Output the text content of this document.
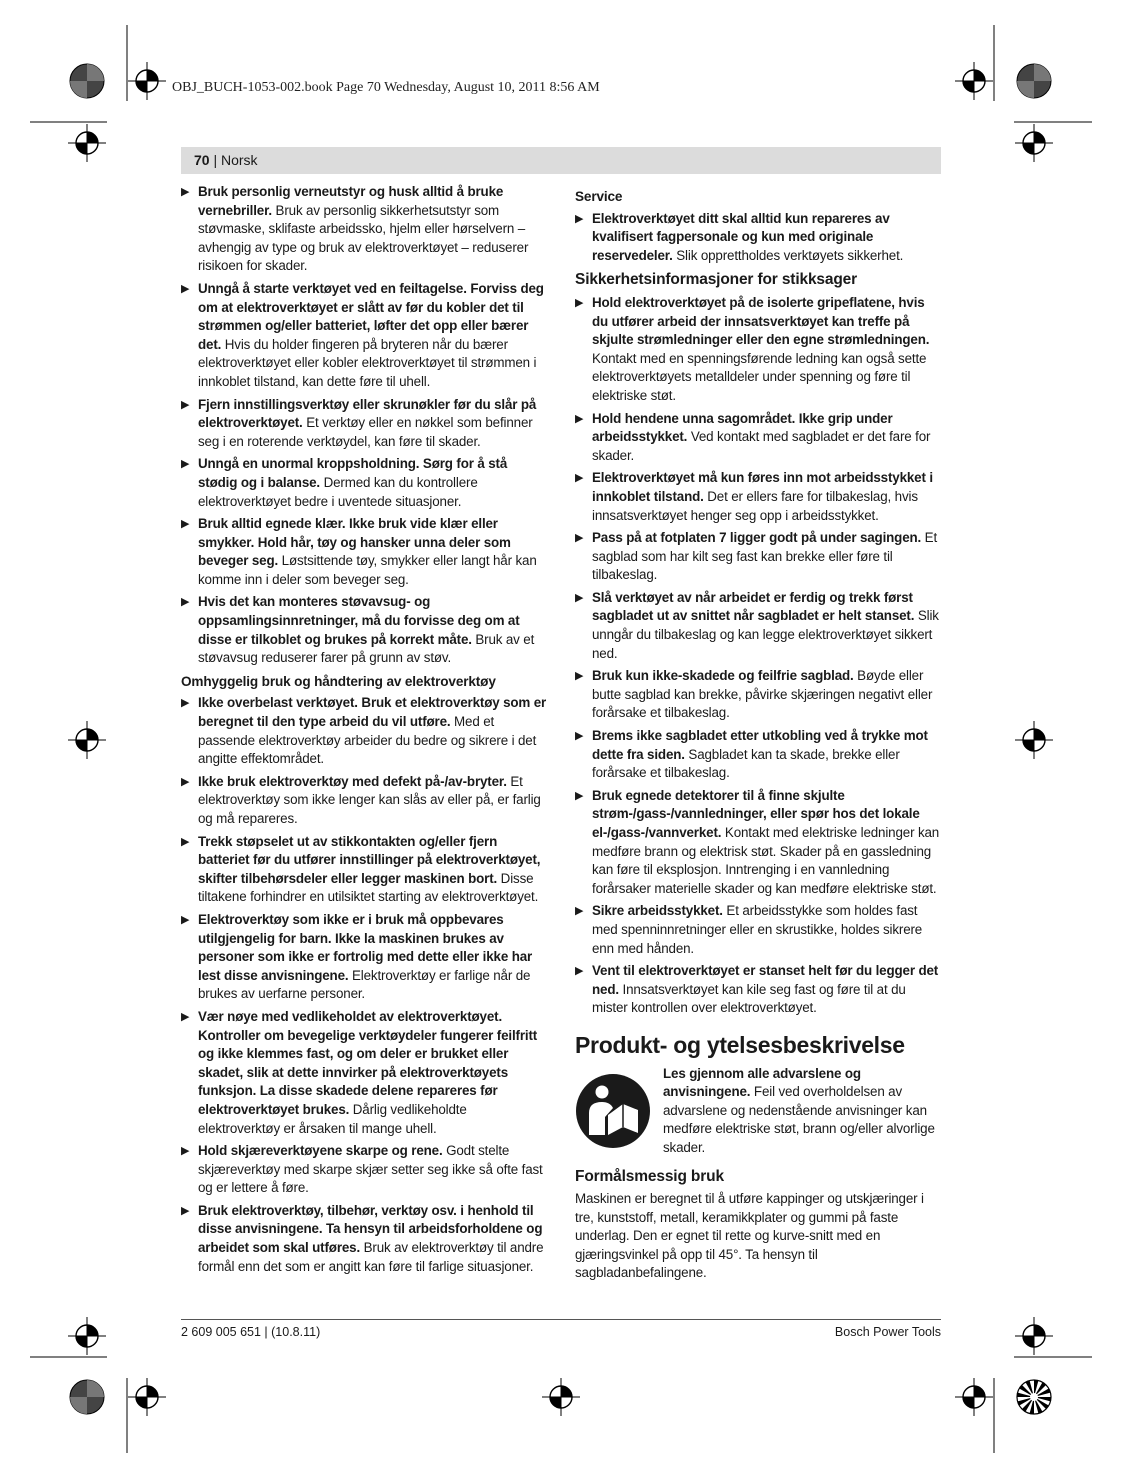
OBJ_BUCH-1053-002.book Page 70 Wednesday, August 10, 2011 8:56 AM
70 | Norsk
▶ Bruk personlig verneutstyr og husk alltid å bruke vernebriller. Bruk av personlig sikkerhetsutstyr som støvmaske, sklifaste arbeidssko, hjelm eller hørselvern – avhengig av type og bruk av elektroverktøyet – reduserer risikoen for skader.
▶ Unngå å starte verktøyet ved en feiltagelse. Forviss deg om at elektroverktøyet er slått av før du kobler det til strømmen og/eller batteriet, løfter det opp eller bærer det. Hvis du holder fingeren på bryteren når du bærer elektroverktøyet eller kobler elektroverktøyet til strømmen i innkoblet tilstand, kan dette føre til uhell.
▶ Fjern innstillingsverktøy eller skrunøkler før du slår på elektroverktøyet. Et verktøy eller en nøkkel som befinner seg i en roterende verktøydel, kan føre til skader.
▶ Unngå en unormal kroppsholdning. Sørg for å stå stødig og i balanse. Dermed kan du kontrollere elektroverktøyet bedre i uventede situasjoner.
▶ Bruk alltid egnede klær. Ikke bruk vide klær eller smykker. Hold hår, tøy og hansker unna deler som beveger seg. Løstsittende tøy, smykker eller langt hår kan komme inn i deler som beveger seg.
▶ Hvis det kan monteres støvavsug- og oppsamlingsinnretninger, må du forvisse deg om at disse er tilkoblet og brukes på korrekt måte. Bruk av et støvavsug reduserer farer på grunn av støv.
Omhyggelig bruk og håndtering av elektroverktøy
▶ Ikke overbelast verktøyet. Bruk et elektroverktøy som er beregnet til den type arbeid du vil utføre. Med et passende elektroverktøy arbeider du bedre og sikrere i det angitte effektområdet.
▶ Ikke bruk elektroverktøy med defekt på-/av-bryter. Et elektroverktøy som ikke lenger kan slås av eller på, er farlig og må repareres.
▶ Trekk støpselet ut av stikkontakten og/eller fjern batteriet før du utfører innstillinger på elektroverktøyet, skifter tilbehørsdeler eller legger maskinen bort. Disse tiltakene forhindrer en utilsiktet starting av elektroverktøyet.
▶ Elektroverktøy som ikke er i bruk må oppbevares utilgjengelig for barn. Ikke la maskinen brukes av personer som ikke er fortrolig med dette eller ikke har lest disse anvisningene. Elektroverktøy er farlige når de brukes av uerfarne personer.
▶ Vær nøye med vedlikeholdet av elektroverktøyet. Kontroller om bevegelige verktøydeler fungerer feilfritt og ikke klemmes fast, og om deler er brukket eller skadet, slik at dette innvirker på elektroverktøyets funksjon. La disse skadede delene repareres før elektroverktøyet brukes. Dårlig vedlikeholdte elektroverktøy er årsaken til mange uhell.
▶ Hold skjæreverktøyene skarpe og rene. Godt stelte skjæreverktøy med skarpe skjær setter seg ikke så ofte fast og er lettere å føre.
▶ Bruk elektroverktøy, tilbehør, verktøy osv. i henhold til disse anvisningene. Ta hensyn til arbeidsforholdene og arbeidet som skal utføres. Bruk av elektroverktøy til andre formål enn det som er angitt kan føre til farlige situasjoner.
Service
▶ Elektroverktøyet ditt skal alltid kun repareres av kvalifisert fagpersonale og kun med originale reservedeler. Slik opprettholdes verktøyets sikkerhet.
Sikkerhetsinformasjoner for stikksager
▶ Hold elektroverktøyet på de isolerte gripeflatene, hvis du utfører arbeid der innsatsverktøyet kan treffe på skjulte strømledninger eller den egne strømledningen. Kontakt med en spenningsførende ledning kan også sette elektroverktøyets metalldeler under spenning og føre til elektriske støt.
▶ Hold hendene unna sagområdet. Ikke grip under arbeidsstykket. Ved kontakt med sagbladet er det fare for skader.
▶ Elektroverktøyet må kun føres inn mot arbeidsstykket i innkoblet tilstand. Det er ellers fare for tilbakeslag, hvis innsatsverktøyet henger seg opp i arbeidsstykket.
▶ Pass på at fotplaten 7 ligger godt på under sagingen. Et sagblad som har kilt seg fast kan brekke eller føre til tilbakeslag.
▶ Slå verktøyet av når arbeidet er ferdig og trekk først sagbladet ut av snittet når sagbladet er helt stanset. Slik unngår du tilbakeslag og kan legge elektroverktøyet sikkert ned.
▶ Bruk kun ikke-skadede og feilfrie sagblad. Bøyde eller butte sagblad kan brekke, påvirke skjæringen negativt eller forårsake et tilbakeslag.
▶ Brems ikke sagbladet etter utkobling ved å trykke mot dette fra siden. Sagbladet kan ta skade, brekke eller forårsake et tilbakeslag.
▶ Bruk egnede detektorer til å finne skjulte strøm-/gass-/vannledninger, eller spør hos det lokale el-/gass-/vannverket. Kontakt med elektriske ledninger kan medføre brann og elektrisk støt. Skader på en gassledning kan føre til eksplosjon. Inntrenging i en vannledning forårsaker materielle skader og kan medføre elektriske støt.
▶ Sikre arbeidsstykket. Et arbeidsstykke som holdes fast med spenninnretninger eller en skrustikke, holdes sikrere enn med hånden.
▶ Vent til elektroverktøyet er stanset helt før du legger det ned. Innsatsverktøyet kan kile seg fast og føre til at du mister kontrollen over elektroverktøyet.
Produkt- og ytelsesbeskrivelse
Les gjennom alle advarslene og anvisningene. Feil ved overholdelsen av advarslene og nedenstående anvisninger kan medføre elektriske støt, brann og/eller alvorlige skader.
Formålsmessig bruk

Maskinen er beregnet til å utføre kappinger og utskjæringer i tre, kunststoff, metall, keramikkplater og gummi på faste underlag. Den er egnet til rette og kurve-snitt med en gjæringsvinkel på opp til 45°. Ta hensyn til sagbladanbefalingene.

2 609 005 651 | (10.8.11)	Bosch Power Tools
